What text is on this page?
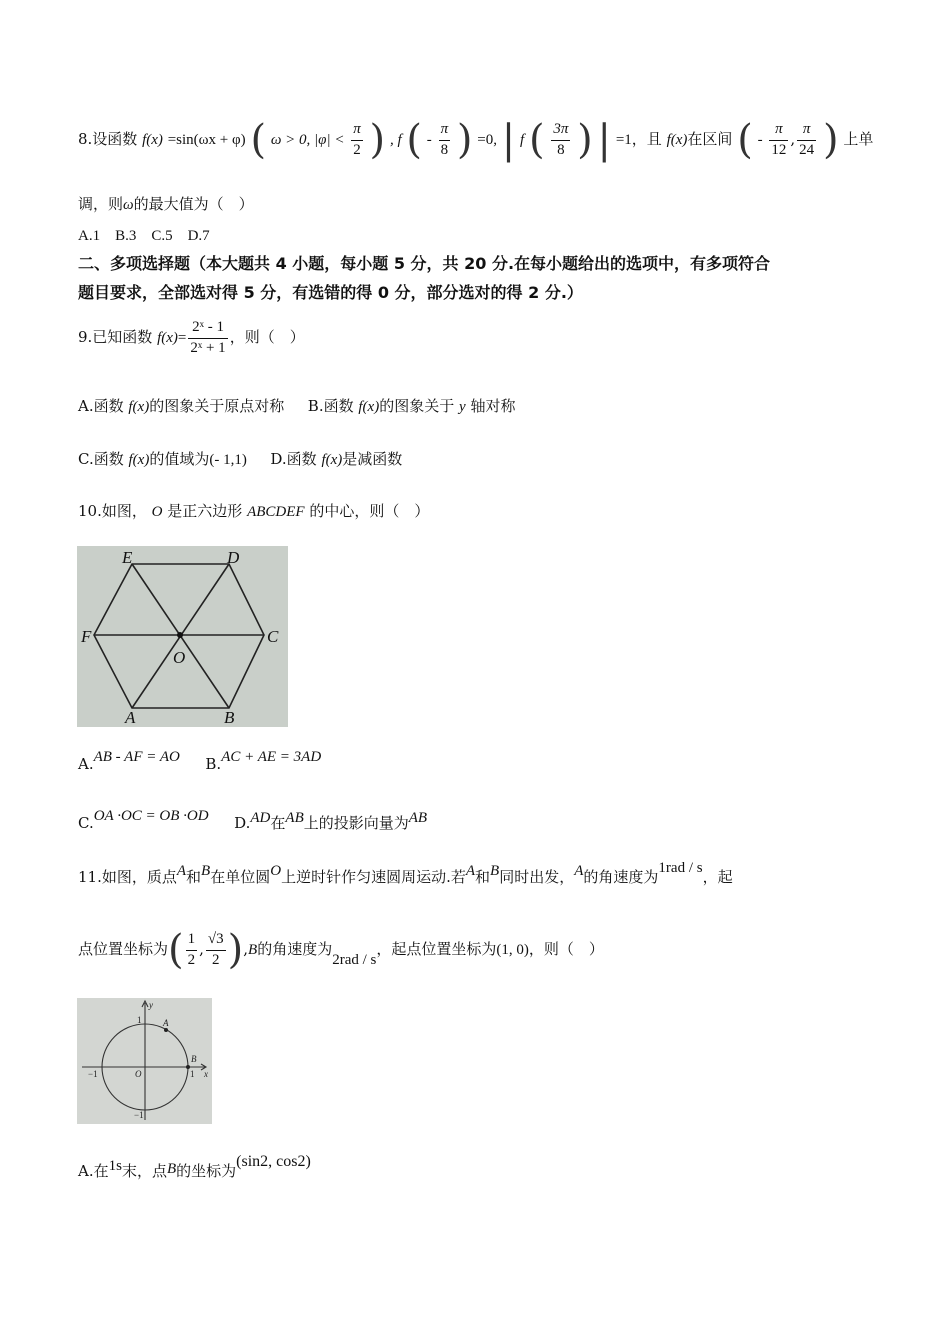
8.设函数 f(x) =sin(ωx + φ) ( ω > 0, $|\varphi| < \frac{\pi}{2}$ ) , f ( - $\frac{\pi}{8}$ ) =0, | f ( $\frac{3\pi}{8}$ ) | =1，且 f(x)在区间 ( - $\frac{\pi}{12}$ , $\frac{\pi}{24}$ ) 上单
调，则ω的最大值为（　）
A.1　B.3　C.5　D.7
二、多项选择题（本大题共 4 小题，每小题 5 分，共 20 分.在每小题给出的选项中，有多项符合
题目要求，全部选对得 5 分，有选错的得 0 分，部分选对的得 2 分.）
9.已知函数 $f(x)= \frac{\text{2ˣ - 1}}{\text{2ˣ + 1}}$ ，则（　）
A.函数 f(x)的图象关于原点对称 B.函数 f(x)的图象关于 y 轴对称
C.函数 f(x)的值域为(- 1,1) D.函数 f(x)是减函数
10.如图， O 是正六边形 ABCDEF 的中心，则（　）
E	D
F	C
O
A	B
A.AB - AF = AO B.AC + AE = 3AD
C.OA ·OC = OB ·OD D.AD在AB上的投影向量为AB
11.如图，质点A和B在单位圆O上逆时针作匀速圆周运动.若A和B同时出发，A的角速度为1rad / s，起
点位置坐标为( $\frac{1}{2}$ , $\frac{√3}{2} ),B$的角速度为2rad / s，起点位置坐标为(1, 0)，则（　）
y
A
B
1
−1	O	1 x
−1
A.在1s末，点B的坐标为(sin2, cos2)
